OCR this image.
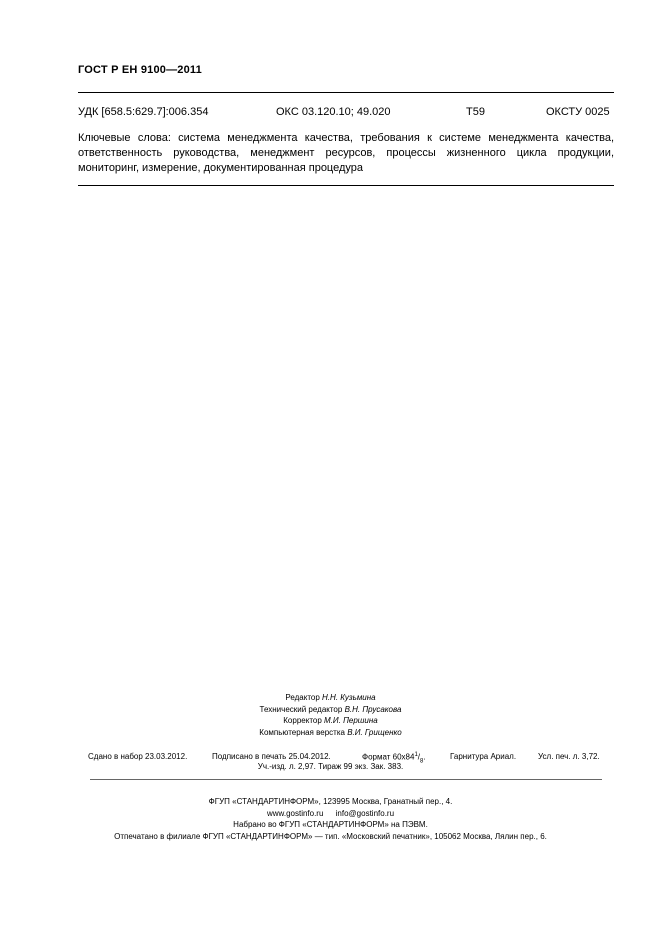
ГОСТ Р ЕН 9100—2011
УДК [658.5:629.7]:006.354	ОКС 03.120.10; 49.020	Т59	ОКСТУ 0025
Ключевые слова: система менеджмента качества, требования к системе менеджмента качества, ответственность руководства, менеджмент ресурсов, процессы жизненного цикла продукции, мониторинг, измерение, документированная процедура
Редактор Н.Н. Кузьмина
Технический редактор В.Н. Прусакова
Корректор М.И. Першина
Компьютерная верстка В.И. Грищенко
Сдано в набор 23.03.2012.	Подписано в печать 25.04.2012.	Формат $60x84^1/_8$.	Гарнитура Ариал.	Усл. печ. л. 3,72.
Уч.-изд. л. 2,97. Тираж 99 экз. Зак. 383.
ФГУП «СТАНДАРТИНФОРМ», 123995 Москва, Гранатный пер., 4.
www.gostinfo.ru info@gostinfo.ru
Набрано во ФГУП «СТАНДАРТИНФОРМ» на ПЭВМ.
Отпечатано в филиале ФГУП «СТАНДАРТИНФОРМ» — тип. «Московский печатник», 105062 Москва, Лялин пер., 6.
